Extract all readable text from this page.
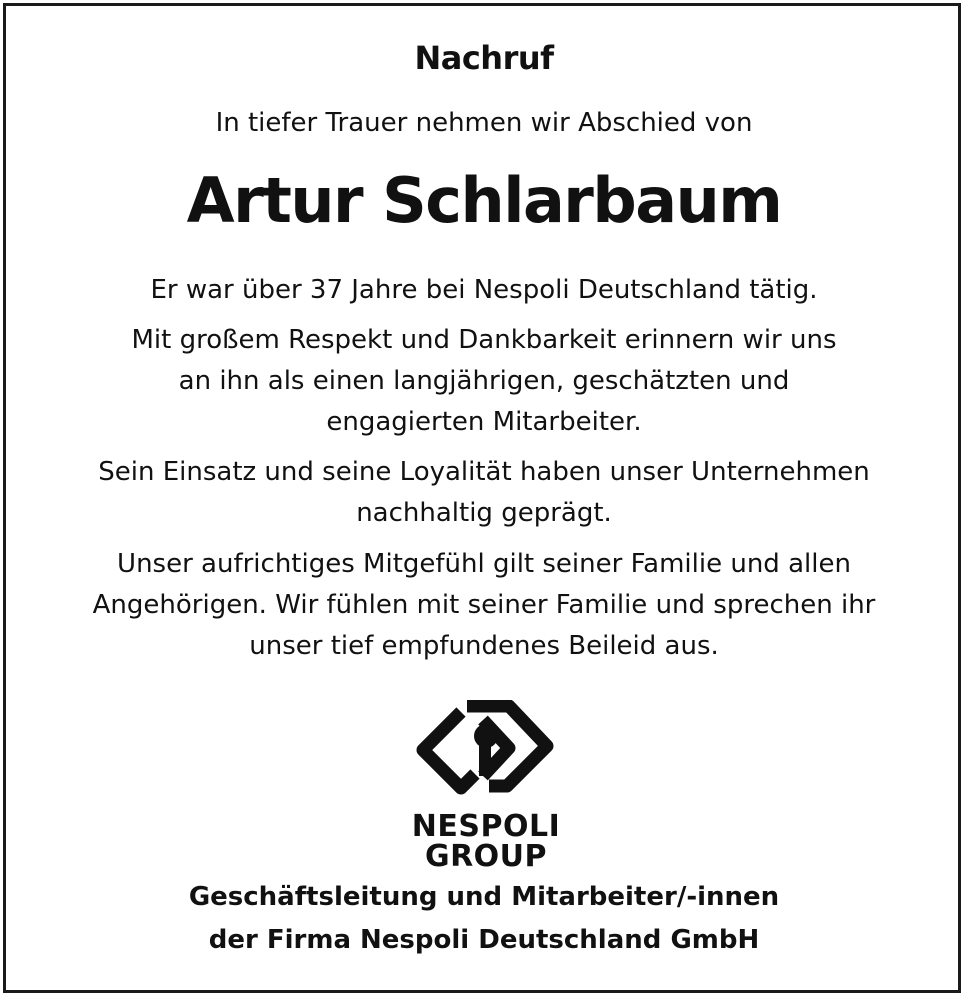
Nachruf
In tiefer Trauer nehmen wir Abschied von
Artur Schlarbaum
Er war über 37 Jahre bei Nespoli Deutschland tätig.
Mit großem Respekt und Dankbarkeit erinnern wir uns
an ihn als einen langjährigen, geschätzten und
engagierten Mitarbeiter.
Sein Einsatz und seine Loyalität haben unser Unternehmen
nachhaltig geprägt.
Unser aufrichtiges Mitgefühl gilt seiner Familie und allen
Angehörigen. Wir fühlen mit seiner Familie und sprechen ihr
unser tief empfundenes Beileid aus.
NESPOLI
GROUP
Geschäftsleitung und Mitarbeiter/-innen
der Firma Nespoli Deutschland GmbH
